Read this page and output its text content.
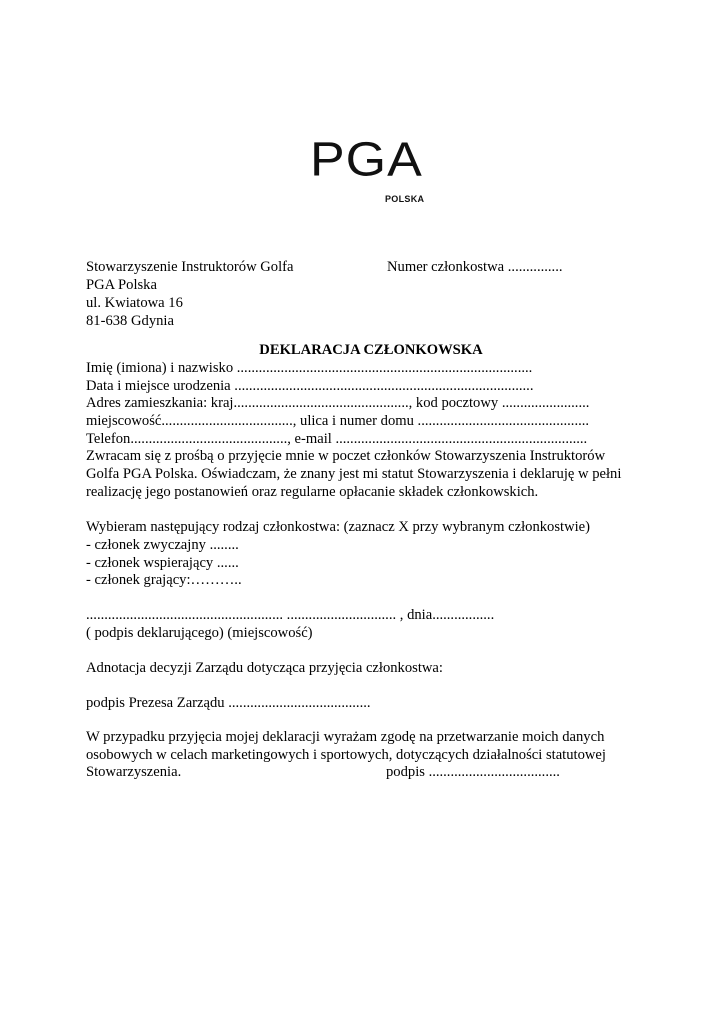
PGA
POLSKA
Stowarzyszenie Instruktorów Golfa	Numer członkostwa ...............
PGA Polska
ul. Kwiatowa 16
81-638 Gdynia
DEKLARACJA CZŁONKOWSKA
Imię (imiona) i nazwisko .................................................................................
Data i miejsce urodzenia ..................................................................................
Adres zamieszkania: kraj................................................, kod pocztowy ........................
miejscowość...................................., ulica i numer domu ...............................................
Telefon..........................................., e-mail .....................................................................
Zwracam się z prośbą o przyjęcie mnie w poczet członków Stowarzyszenia Instruktorów
Golfa PGA Polska. Oświadczam, że znany jest mi statut Stowarzyszenia i deklaruję w pełni
realizację jego postanowień oraz regularne opłacanie składek członkowskich.
Wybieram następujący rodzaj członkostwa: (zaznacz X przy wybranym członkostwie)
- członek zwyczajny ........
- członek wspierający ......
- członek grający:………..
...................................................... .............................. , dnia.................
( podpis deklarującego) (miejscowość)
Adnotacja decyzji Zarządu dotycząca przyjęcia członkostwa:
podpis Prezesa Zarządu .......................................
W przypadku przyjęcia mojej deklaracji wyrażam zgodę na przetwarzanie moich danych
osobowych w celach marketingowych i sportowych, dotyczących działalności statutowej
Stowarzyszenia.	podpis ....................................
